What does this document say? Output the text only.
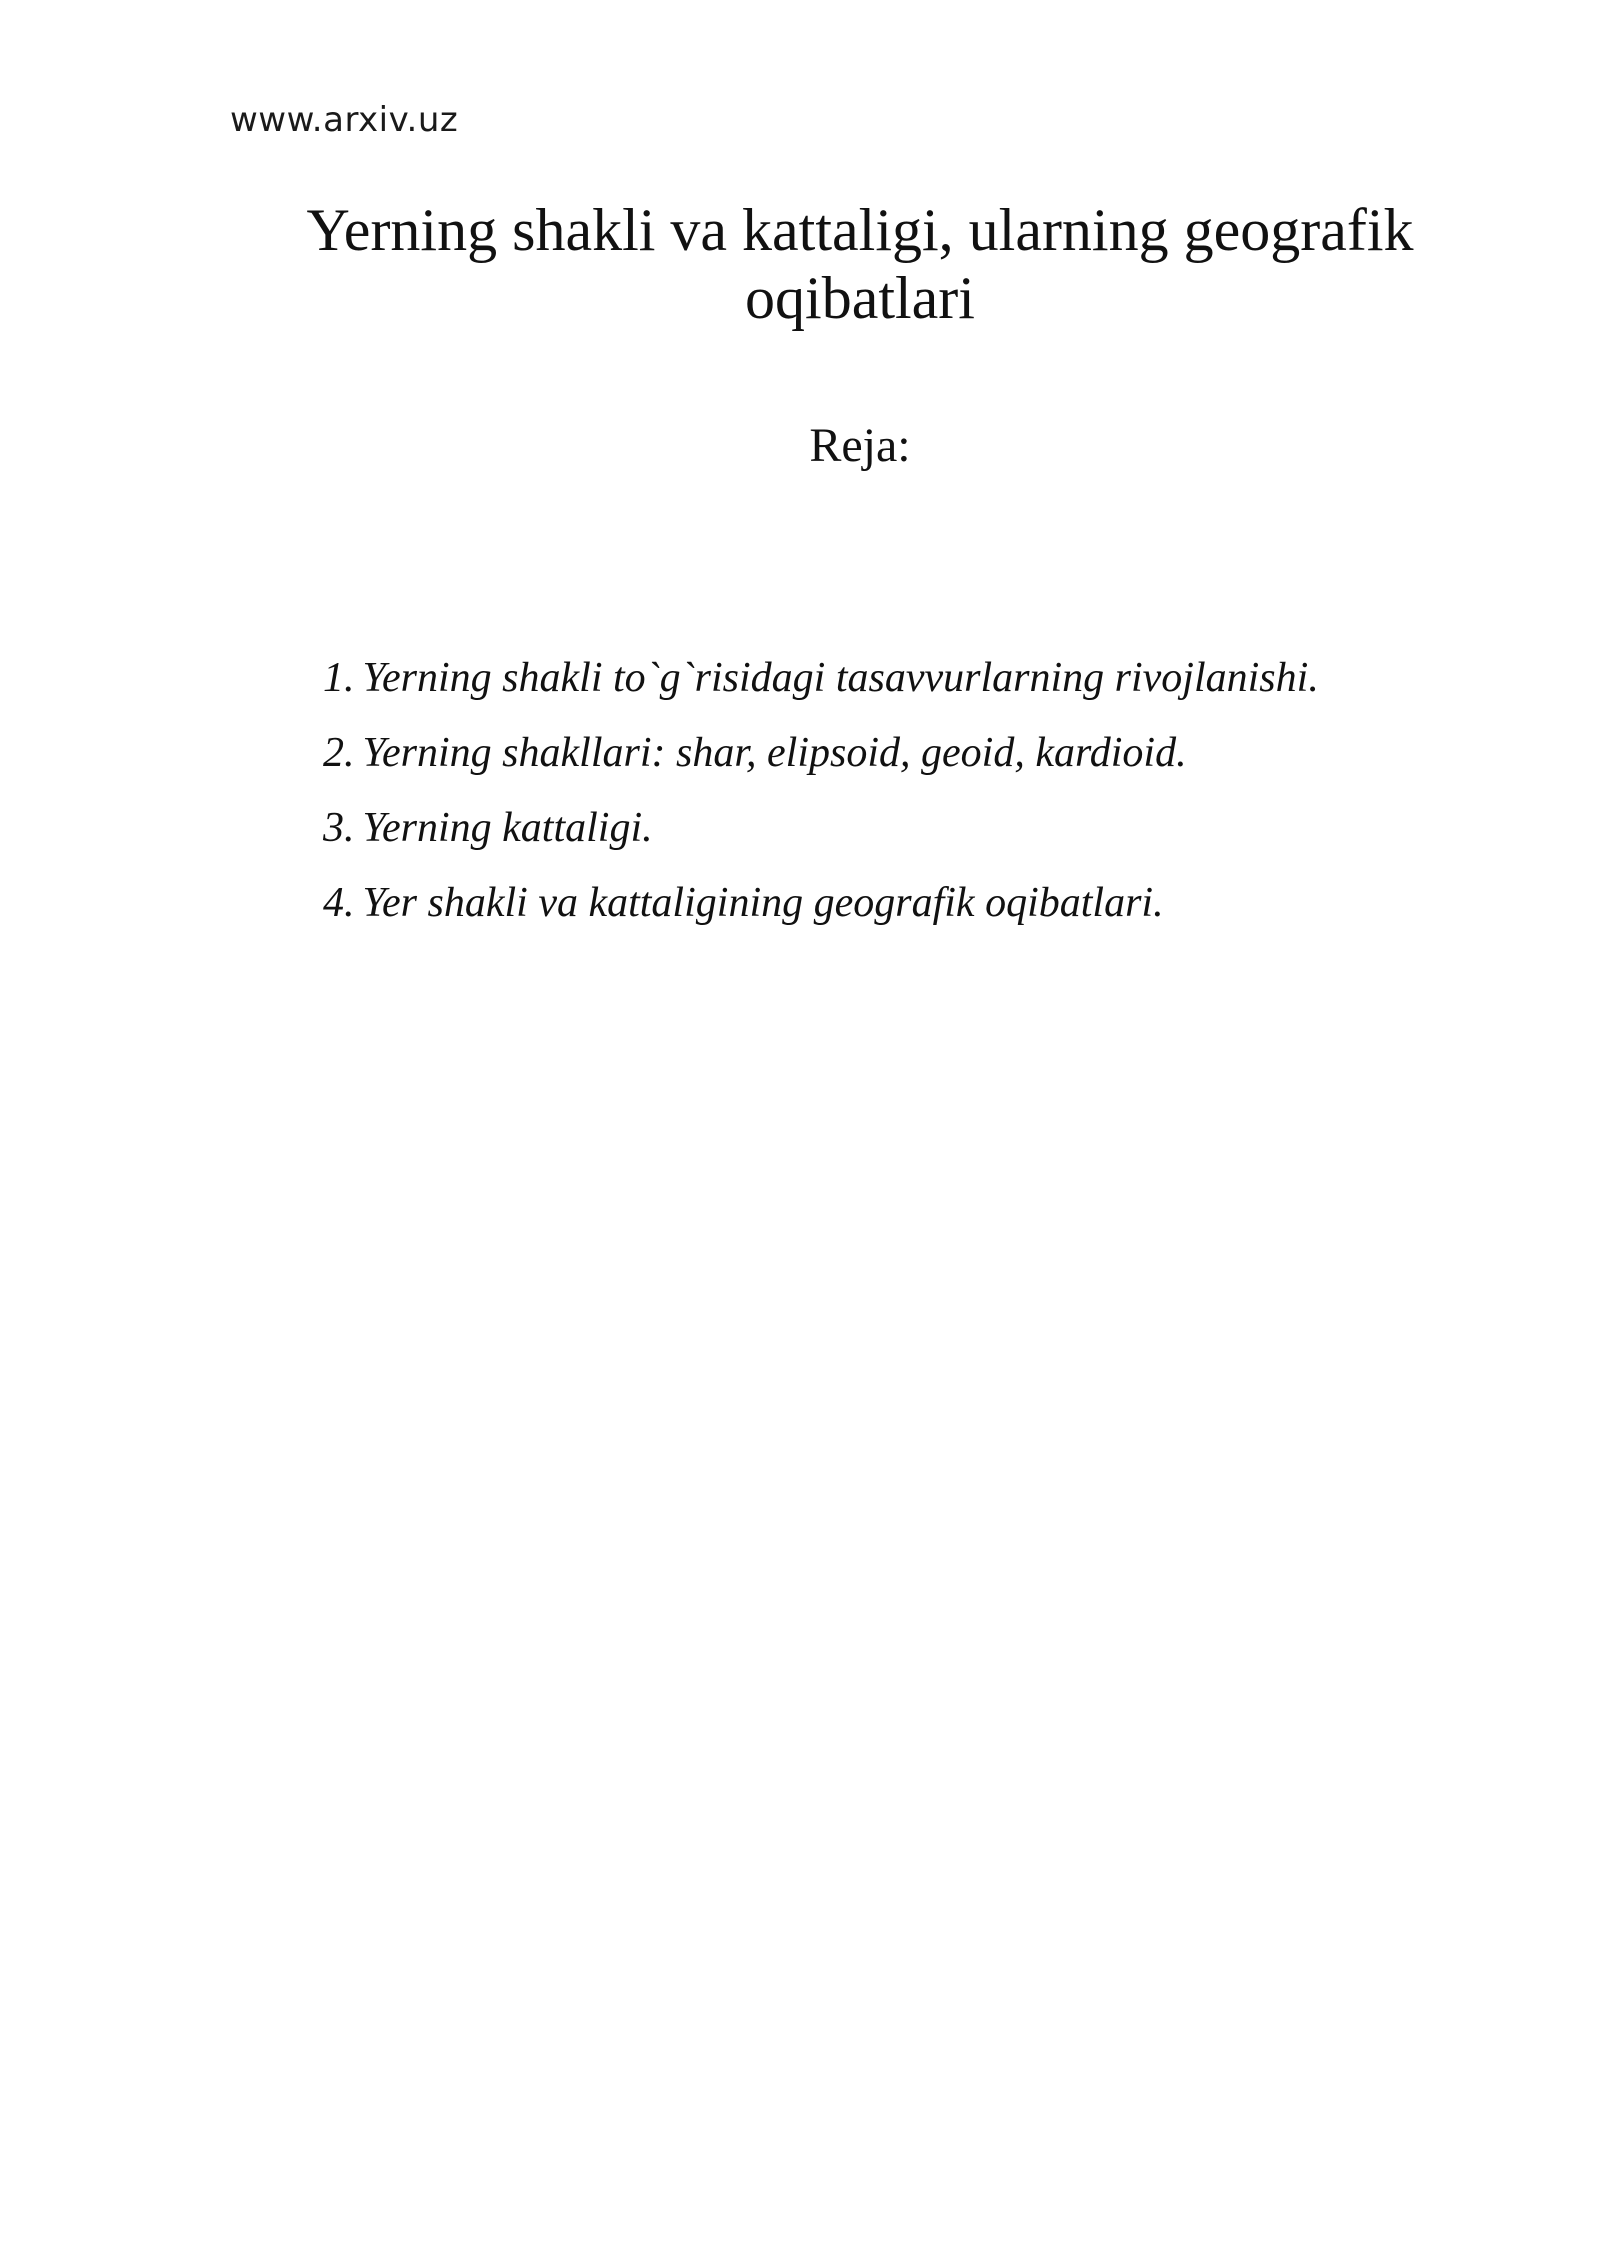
www.arxiv.uz
Yerning shakli va kattaligi, ularning geografik
oqibatlari
Reja:
1. Yerning shakli to`g`risidagi tasavvurlarning rivojlanishi.
2. Yerning shakllari: shar, elipsoid, geoid, kardioid.
3. Yerning kattaligi.
4. Yer shakli va kattaligining geografik oqibatlari.
